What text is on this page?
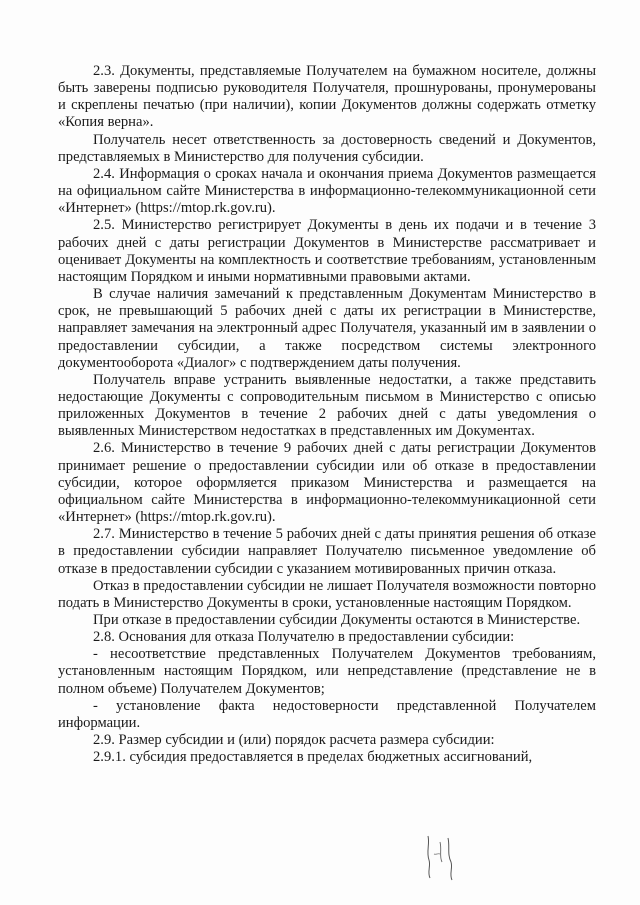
2.3. Документы, представляемые Получателем на бумажном носителе, должны быть заверены подписью руководителя Получателя, прошнурованы, пронумерованы и скреплены печатью (при наличии), копии Документов должны содержать отметку «Копия верна».

Получатель несет ответственность за достоверность сведений и Документов, представляемых в Министерство для получения субсидии.

2.4. Информация о сроках начала и окончания приема Документов размещается на официальном сайте Министерства в информационно-телекоммуникационной сети «Интернет» (https://mtop.rk.gov.ru).

2.5. Министерство регистрирует Документы в день их подачи и в течение 3 рабочих дней с даты регистрации Документов в Министерстве рассматривает и оценивает Документы на комплектность и соответствие требованиям, установленным настоящим Порядком и иными нормативными правовыми актами.

В случае наличия замечаний к представленным Документам Министерство в срок, не превышающий 5 рабочих дней с даты их регистрации в Министерстве, направляет замечания на электронный адрес Получателя, указанный им в заявлении о предоставлении субсидии, а также посредством системы электронного документооборота «Диалог» с подтверждением даты получения.

Получатель вправе устранить выявленные недостатки, а также представить недостающие Документы с сопроводительным письмом в Министерство с описью приложенных Документов в течение 2 рабочих дней с даты уведомления о выявленных Министерством недостатках в представленных им Документах.

2.6. Министерство в течение 9 рабочих дней с даты регистрации Документов принимает решение о предоставлении субсидии или об отказе в предоставлении субсидии, которое оформляется приказом Министерства и размещается на официальном сайте Министерства в информационно-телекоммуникационной сети «Интернет» (https://mtop.rk.gov.ru).

2.7. Министерство в течение 5 рабочих дней с даты принятия решения об отказе в предоставлении субсидии направляет Получателю письменное уведомление об отказе в предоставлении субсидии с указанием мотивированных причин отказа.

Отказ в предоставлении субсидии не лишает Получателя возможности повторно подать в Министерство Документы в сроки, установленные настоящим Порядком.

При отказе в предоставлении субсидии Документы остаются в Министерстве.

2.8. Основания для отказа Получателю в предоставлении субсидии:

- несоответствие представленных Получателем Документов требованиям, установленным настоящим Порядком, или непредставление (представление не в полном объеме) Получателем Документов;

- установление факта недостоверности представленной Получателем информации.

2.9. Размер субсидии и (или) порядок расчета размера субсидии:

2.9.1. субсидия предоставляется в пределах бюджетных ассигнований,
